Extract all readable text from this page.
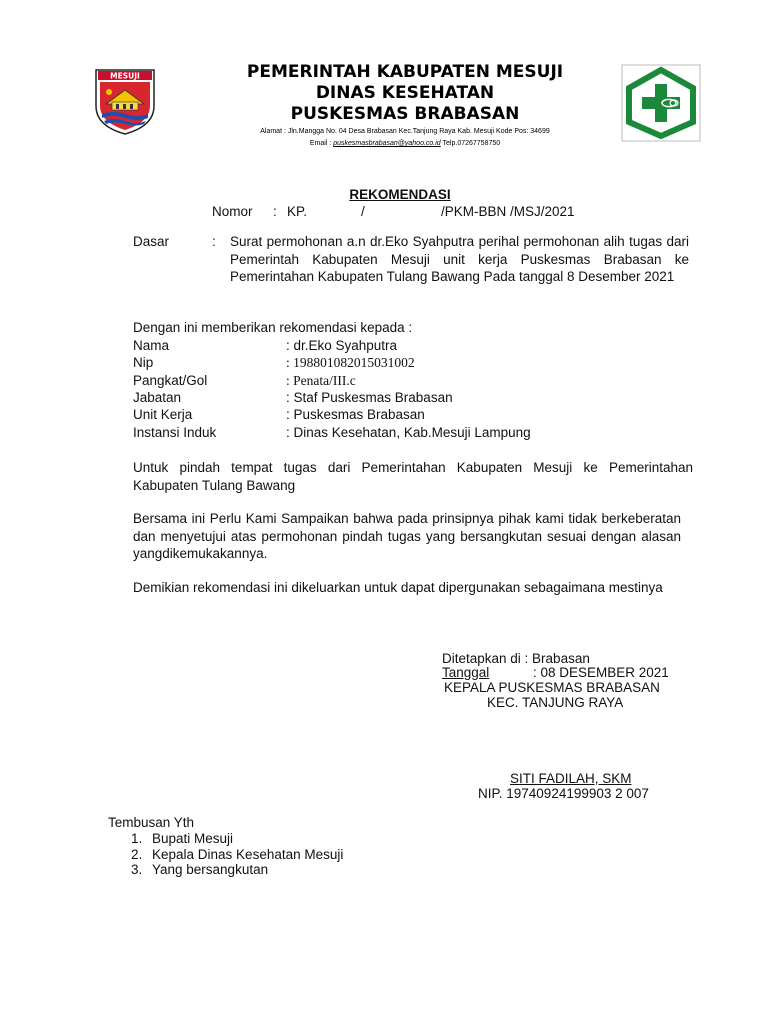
MESUJI	PEMERINTAH KABUPATEN MESUJI
DINAS KESEHATAN
PUSKESMAS BRABASAN
Alamat : Jln.Mangga No. 04 Desa Brabasan Kec.Tanjung Raya Kab. Mesuji Kode Pos: 34699
Email : puskesmasbrabasan@yahoo.co.id Telp.07267758750
REKOMENDASI
Nomor : KP.	/	/PKM-BBN /MSJ/2021
Dasar	: Surat permohonan a.n dr.Eko Syahputra perihal permohonan alih tugas dari Pemerintah Kabupaten Mesuji unit kerja Puskesmas Brabasan ke Pemerintahan Kabupaten Tulang Bawang Pada tanggal 8 Desember 2021
Dengan ini memberikan rekomendasi kepada :
Nama	: dr.Eko Syahputra
Nip	: 198801082015031002
Pangkat/Gol	: Penata/III.c
Jabatan	: Staf Puskesmas Brabasan
Unit Kerja	: Puskesmas Brabasan
Instansi Induk	: Dinas Kesehatan, Kab.Mesuji Lampung
Untuk pindah tempat tugas dari Pemerintahan Kabupaten Mesuji ke Pemerintahan Kabupaten Tulang Bawang
Bersama ini Perlu Kami Sampaikan bahwa pada prinsipnya pihak kami tidak berkeberatan dan menyetujui atas permohonan pindah tugas yang bersangkutan sesuai dengan alasan yangdikemukakannya.
Demikian rekomendasi ini dikeluarkan untuk dapat dipergunakan sebagaimana mestinya
Ditetapkan di : Brabasan
Tanggal	: 08 DESEMBER 2021
KEPALA PUSKESMAS BRABASAN
KEC. TANJUNG RAYA
SITI FADILAH, SKM
NIP. 19740924199903 2 007
Tembusan Yth
1. Bupati Mesuji
2. Kepala Dinas Kesehatan Mesuji
3. Yang bersangkutan
